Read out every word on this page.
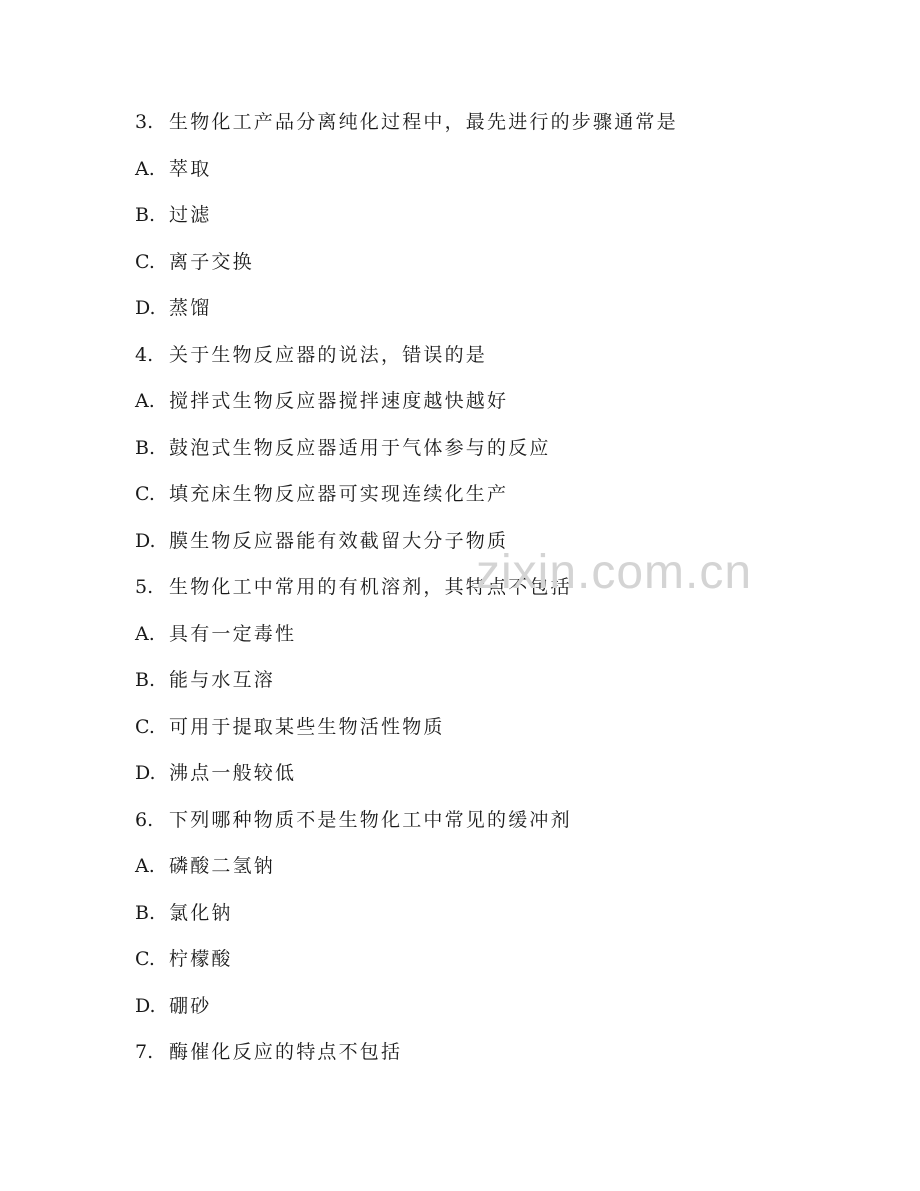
3. 生物化工产品分离纯化过程中，最先进行的步骤通常是
A. 萃取
B. 过滤
C. 离子交换
D. 蒸馏
4. 关于生物反应器的说法，错误的是
A. 搅拌式生物反应器搅拌速度越快越好
B. 鼓泡式生物反应器适用于气体参与的反应
C. 填充床生物反应器可实现连续化生产
D. 膜生物反应器能有效截留大分子物质
5. 生物化工中常用的有机溶剂，其特点不包括
A. 具有一定毒性
B. 能与水互溶
C. 可用于提取某些生物活性物质
D. 沸点一般较低
6. 下列哪种物质不是生物化工中常见的缓冲剂
A. 磷酸二氢钠
B. 氯化钠
C. 柠檬酸
D. 硼砂
7. 酶催化反应的特点不包括
zixin.com.cn
